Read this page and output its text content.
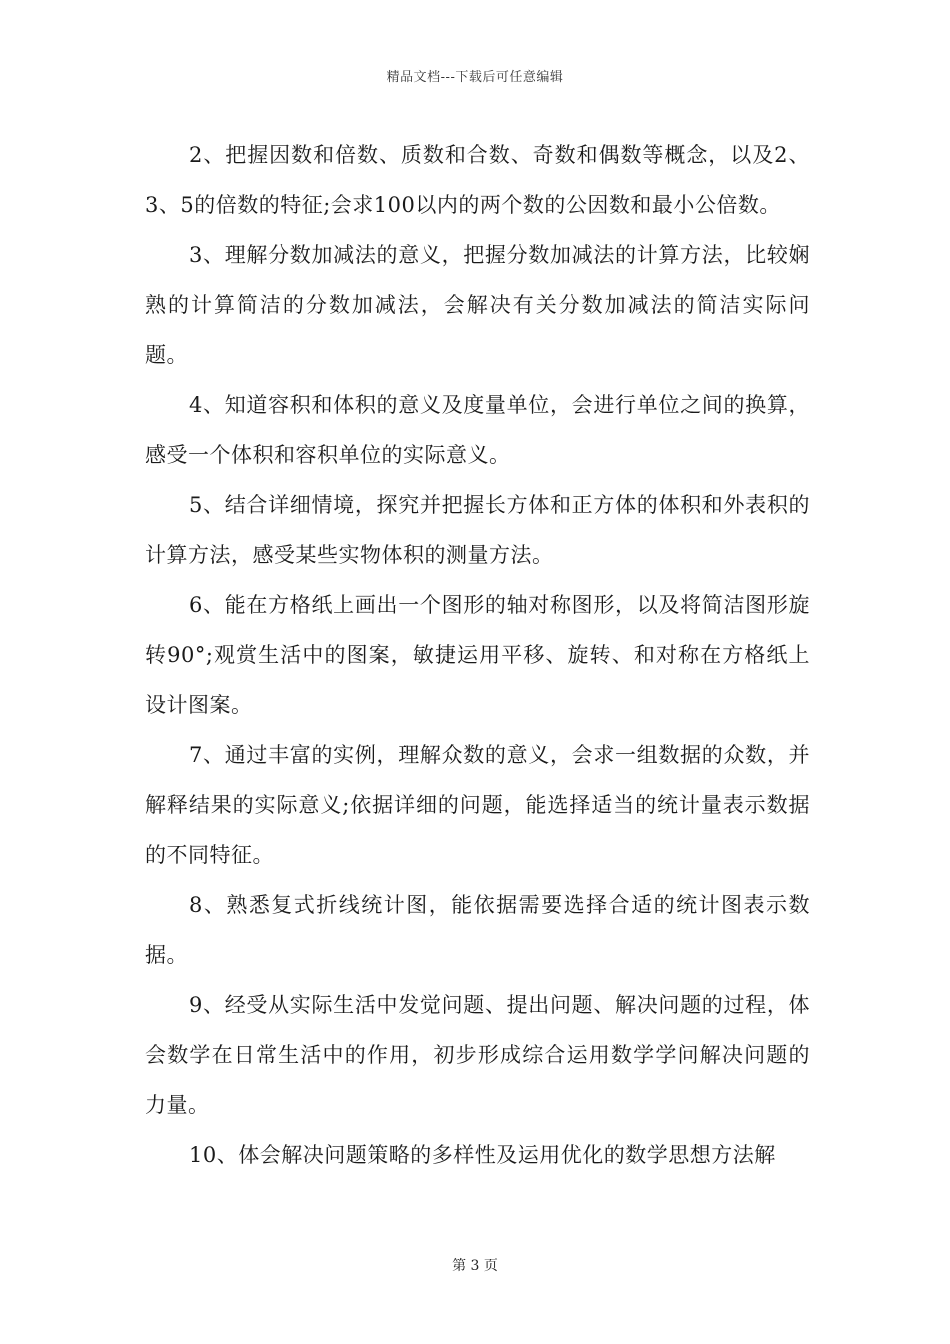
精品文档---下载后可任意编辑

2、把握因数和倍数、质数和合数、奇数和偶数等概念，以及2、3、5的倍数的特征;会求100以内的两个数的公因数和最小公倍数。

3、理解分数加减法的意义，把握分数加减法的计算方法，比较娴熟的计算简洁的分数加减法，会解决有关分数加减法的简洁实际问题。

4、知道容积和体积的意义及度量单位，会进行单位之间的换算，感受一个体积和容积单位的实际意义。

5、结合详细情境，探究并把握长方体和正方体的体积和外表积的计算方法，感受某些实物体积的测量方法。

6、能在方格纸上画出一个图形的轴对称图形，以及将简洁图形旋转90°;观赏生活中的图案，敏捷运用平移、旋转、和对称在方格纸上设计图案。

7、通过丰富的实例，理解众数的意义，会求一组数据的众数，并解释结果的实际意义;依据详细的问题，能选择适当的统计量表示数据的不同特征。

8、熟悉复式折线统计图，能依据需要选择合适的统计图表示数据。

9、经受从实际生活中发觉问题、提出问题、解决问题的过程，体会数学在日常生活中的作用，初步形成综合运用数学学问解决问题的力量。

10、体会解决问题策略的多样性及运用优化的数学思想方法解

第 3 页
